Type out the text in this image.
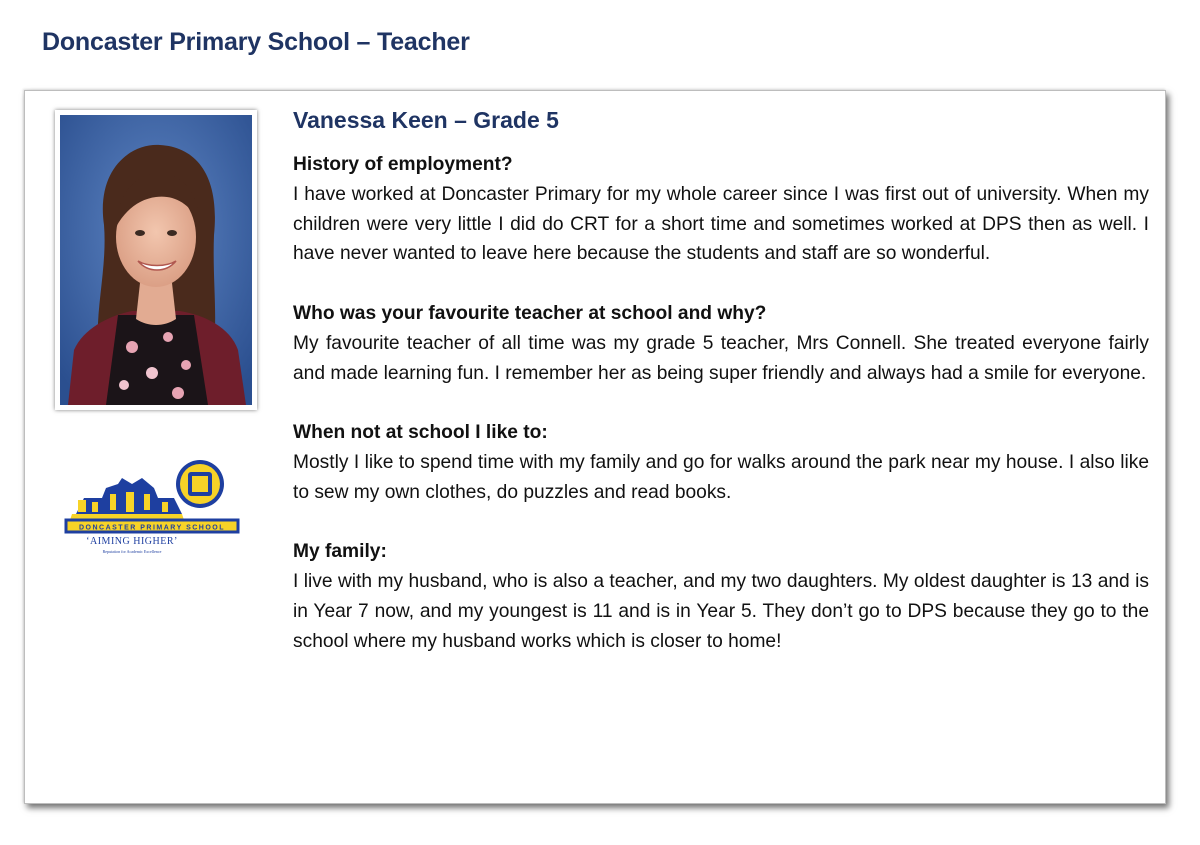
Doncaster Primary School – Teacher
DONCASTER PRIMARY SCHOOL
‘AIMING HIGHER’
Reputation for Academic Excellence
Vanessa Keen – Grade 5

History of employment?

I have worked at Doncaster Primary for my whole career since I was first out of university. When my children were very little I did do CRT for a short time and sometimes worked at DPS then as well. I have never wanted to leave here because the students and staff are so wonderful.

Who was your favourite teacher at school and why?

My favourite teacher of all time was my grade 5 teacher, Mrs Connell. She treated everyone fairly and made learning fun. I remember her as being super friendly and always had a smile for everyone.

When not at school I like to:

Mostly I like to spend time with my family and go for walks around the park near my house. I also like to sew my own clothes, do puzzles and read books.

My family:

I live with my husband, who is also a teacher, and my two daughters. My oldest daughter is 13 and is in Year 7 now, and my youngest is 11 and is in Year 5. They don’t go to DPS because they go to the school where my husband works which is closer to home!
